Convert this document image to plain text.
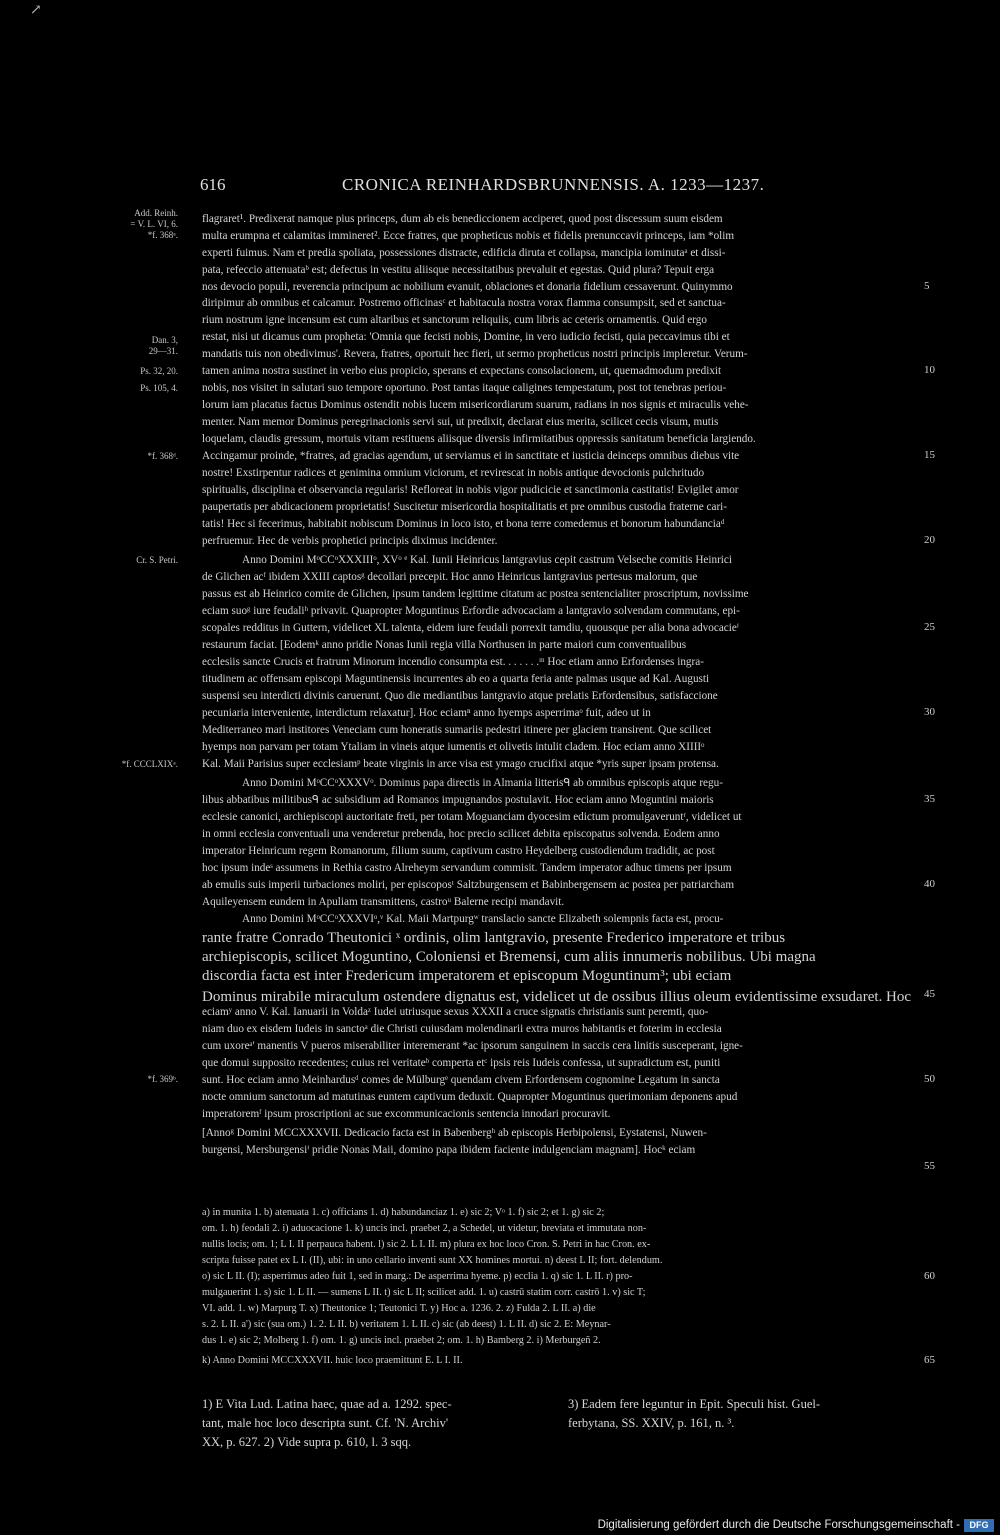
↗
616	CRONICA REINHARDSBRUNNENSIS. A. 1233—1237.
Add. Reinh.
= V. L. VI, 6.
*f. 368ᵃ.
Dan. 3,
29—31.
Ps. 32, 20.
Ps. 105, 4.
*f. 368ᵈ.
Cr. S. Petri.
*f. CCCLXIXᵃ.
*f. 369ᵇ.
flagraret¹. Predixerat namque pius princeps, dum ab eis benediccionem acciperet, quod post discessum suum eisdem
multa erumpna et calamitas immineret². Ecce fratres, que propheticus nobis et fidelis prenunccavit princeps, iam *olim
experti fuimus. Nam et predia spoliata, possessiones distracte, edificia diruta et collapsa, mancipia iominutaᵃ et dissi-
pata, refeccio attenuataᵇ est; defectus in vestitu aliisque necessitatibus prevaluit et egestas. Quid plura? Tepuit erga
nos devocio populi, reverencia principum ac nobilium evanuit, oblaciones et donaria fidelium cessaverunt. Quinymmo
diripimur ab omnibus et calcamur. Postremo officinasᶜ et habitacula nostra vorax flamma consumpsit, sed et sanctua-
rium nostrum igne incensum est cum altaribus et sanctorum reliquiis, cum libris ac ceteris ornamentis. Quid ergo
restat, nisi ut dicamus cum propheta: 'Omnia que fecisti nobis, Domine, in vero iudicio fecisti, quia peccavimus tibi et
mandatis tuis non obedivimus'. Revera, fratres, oportuit hec fieri, ut sermo propheticus nostri principis impleretur. Verum-
tamen anima nostra sustinet in verbo eius propicio, sperans et expectans consolacionem, ut, quemadmodum predixit
nobis, nos visitet in salutari suo tempore oportuno. Post tantas itaque caligines tempestatum, post tot tenebras periou-
lorum iam placatus factus Dominus ostendit nobis lucem misericordiarum suarum, radians in nos signis et miraculis vehe-
menter. Nam memor Dominus peregrinacionis servi sui, ut predixit, declarat eius merita, scilicet cecis visum, mutis
loquelam, claudis gressum, mortuis vitam restituens aliisque diversis infirmitatibus oppressis sanitatum beneficia largiendo.
Accingamur proinde, *fratres, ad gracias agendum, ut serviamus ei in sanctitate et iusticia deinceps omnibus diebus vite
nostre! Exstirpentur radices et genimina omnium viciorum, et revirescat in nobis antique devocionis pulchritudo
spiritualis, disciplina et observancia regularis! Refloreat in nobis vigor pudicicie et sanctimonia castitatis! Evigilet amor
paupertatis per abdicacionem proprietatis! Suscitetur misericordia hospitalitatis et pre omnibus custodia fraterne cari-
tatis! Hec si fecerimus, habitabit nobiscum Dominus in loco isto, et bona terre comedemus et bonorum habundanciaᵈ
perfruemur. Hec de verbis prophetici principis diximus incidenter.
Anno Domini MᵒCCᵒXXXIIIᵒ, XVᵒ ᵉ Kal. Iunii Heinricus lantgravius cepit castrum Velseche comitis Heinrici
de Glichen acᶠ ibidem XXIII captosᵍ decollari precepit. Hoc anno Heinricus lantgravius pertesus malorum, que
passus est ab Heinrico comite de Glichen, ipsum tandem legittime citatum ac postea sentencialiter proscriptum, novissime
eciam suoᵍ iure feudaliʰ privavit. Quapropter Moguntinus Erfordie advocaciam a lantgravio solvendam commutans, epi-
scopales redditus in Guttern, videlicet XL talenta, eidem iure feudali porrexit tamdiu, quousque per alia bona advocacieⁱ
restaurum faciat. [Eodemᵏ anno pridie Nonas Iunii regia villa Northusen in parte maiori cum conventualibus
ecclesiis sancte Crucis et fratrum Minorum incendio consumpta est. . . . . . .ᵐ Hoc etiam anno Erfordenses ingra-
titudinem ac offensam episcopi Maguntinensis incurrentes ab eo a quarta feria ante palmas usque ad Kal. Augusti
suspensi seu interdicti divinis caruerunt. Quo die mediantibus lantgravio atque prelatis Erfordensibus, satisfaccione
pecuniaria interveniente, interdictum relaxatur]. Hoc eciamⁿ anno hyemps asperrimaᵒ fuit, adeo ut in
Mediterraneo mari institores Veneciam cum honeratis sumariis pedestri itinere per glaciem transirent. Que scilicet
hyemps non parvam per totam Ytaliam in vineis atque iumentis et olivetis intulit cladem. Hoc eciam anno XIIIIᵒ
Kal. Maii Parisius super ecclesiamᵖ beate virginis in arce visa est ymago crucifixi atque *yris super ipsam protensa.
Anno Domini MᵒCCᵒXXXVᵒ. Dominus papa directis in Almania litterisᑫ ab omnibus episcopis atque regu-
libus abbatibus militibusᑫ ac subsidium ad Romanos impugnandos postulavit. Hoc eciam anno Moguntini maioris
ecclesie canonici, archiepiscopi auctoritate freti, per totam Moguanciam dyocesim edictum promulgaveruntʳ, videlicet ut
in omni ecclesia conventuali una venderetur prebenda, hoc precio scilicet debita episcopatus solvenda. Eodem anno
imperator Heinricum regem Romanorum, filium suum, captivum castro Heydelberg custodiendum tradidit, ac post
hoc ipsum indeˢ assumens in Rethia castro Alreheym servandum commisit. Tandem imperator adhuc timens per ipsum
ab emulis suis imperii turbaciones moliri, per episcoposᵗ Saltzburgensem et Babinbergensem ac postea per patriarcham
Aquileyensem eundem in Apuliam transmittens, castroᵘ Balerne recipi mandavit.
Anno Domini MᵒCCᵒXXXVIᵒ,ᵛ Kal. Maii Martpurgʷ translacio sancte Elizabeth solempnis facta est, procu-
rante fratre Conrado Theutonici ˣ ordinis, olim lantgravio, presente Frederico imperatore et tribus
archiepiscopis, scilicet Moguntino, Coloniensi et Bremensi, cum aliis innumeris nobilibus. Ubi magna
discordia facta est inter Fredericum imperatorem et episcopum Moguntinum³; ubi eciam
Dominus mirabile miraculum ostendere dignatus est, videlicet ut de ossibus illius oleum evidentissime exsudaret. Hoc
eciamʸ anno V. Kal. Ianuarii in Voldaᶻ Iudei utriusque sexus XXXII a cruce signatis christianis sunt peremti, quo-
niam duo ex eisdem Iudeis in sanctoᵃ die Christi cuiusdam molendinarii extra muros habitantis et foterim in ecclesia
cum uxoreᵃ' manentis V pueros miserabiliter interemerant *ac ipsorum sanguinem in saccis cera linitis susceperant, igne-
que domui supposito recedentes; cuius rei veritateᵇ comperta etᶜ ipsis reis Iudeis confessa, ut supradictum est, puniti
sunt. Hoc eciam anno Meinhardusᵈ comes de Mülburgᵉ quendam civem Erfordensem cognomine Legatum in sancta
nocte omnium sanctorum ad matutinas euntem captivum deduxit. Quapropter Moguntinus querimoniam deponens apud
imperatoremᶠ ipsum proscriptioni ac sue excommunicacionis sentencia innodari procuravit.
[Annoᵍ Domini MCCXXXVII. Dedicacio facta est in Babenbergʰ ab episcopis Herbipolensi, Eystatensi, Nuwen-
burgensi, Mersburgensiⁱ pridie Nonas Maii, domino papa ibidem faciente indulgenciam magnam]. Hocᵏ eciam
5
10
15
20
25
30
35
40
45
50
55
60
65
a) in munita 1. b) atenuata 1. c) officians 1. d) habundanciaz 1. e) sic 2; Vᵒ 1. f) sic 2; et 1. g) sic 2;
om. 1. h) feodali 2. i) aduocacione 1. k) uncis incl. praebet 2, a Schedel, ut videtur, breviata et immutata non-
nullis locis; om. 1; L I. II perpauca habent. l) sic 2. L I. II. m) plura ex hoc loco Cron. S. Petri in hac Cron. ex-
scripta fuisse patet ex L I. (II), ubi: in uno cellario inventi sunt XX homines mortui. n) deest L II; fort. delendum.
o) sic L II. (I); asperrimus adeo fuit 1, sed in marg.: De asperrima hyeme. p) ecclia 1. q) sic 1. L II. r) pro-
mulgauerint 1. s) sic 1. L II. — sumens L II. t) sic L II; scilicet add. 1. u) castrū statim corr. castrō 1. v) sic T;
VI. add. 1. w) Marpurg T. x) Theutonice 1; Teutonici T. y) Hoc a. 1236. 2. z) Fulda 2. L II. a) die
s. 2. L II. a') sic (sua om.) 1. 2. L II. b) veritatem 1. L II. c) sic (ab deest) 1. L II. d) sic 2. E: Meynar-
dus 1. e) sic 2; Molberg 1. f) om. 1. g) uncis incl. praebet 2; om. 1. h) Bamberg 2. i) Merburgeñ 2.
k) Anno Domini MCCXXXVII. huic loco praemittunt E. L I. II.
1) E Vita Lud. Latina haec, quae ad a. 1292. spec-
tant, male hoc loco descripta sunt. Cf. 'N. Archiv'
XX, p. 627. 2) Vide supra p. 610, l. 3 sqq.
3) Eadem fere leguntur in Epit. Speculi hist. Guel-
ferbytana, SS. XXIV, p. 161, n. ³.
Digitalisierung gefördert durch die Deutsche Forschungsgemeinschaft -	DFG
